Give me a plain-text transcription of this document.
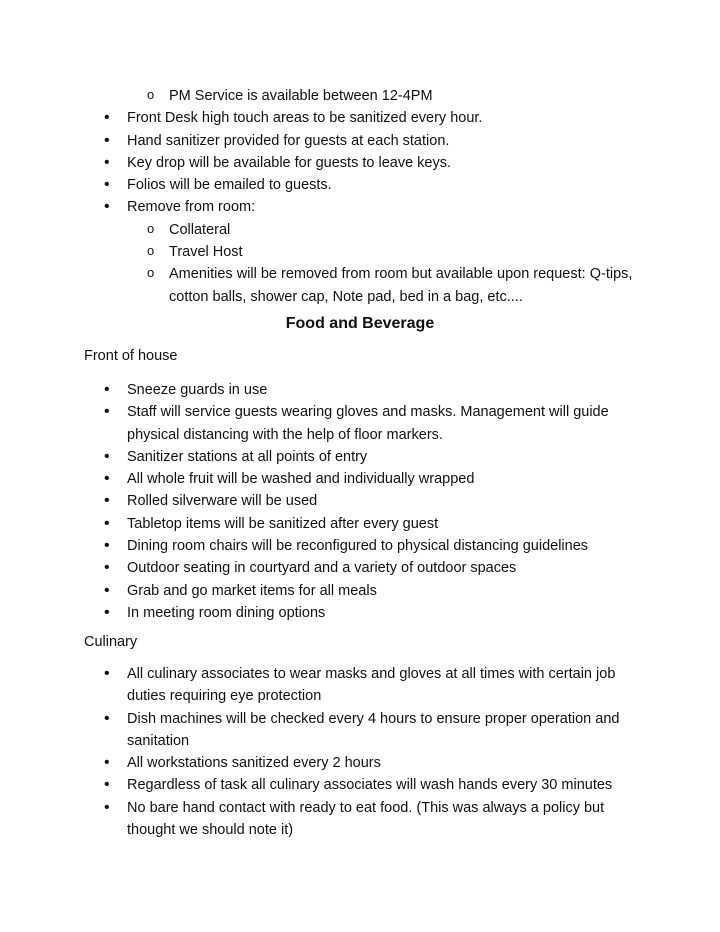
o PM Service is available between 12-4PM
• Front Desk high touch areas to be sanitized every hour.
• Hand sanitizer provided for guests at each station.
• Key drop will be available for guests to leave keys.
• Folios will be emailed to guests.
• Remove from room:
o Collateral
o Travel Host
o Amenities will be removed from room but available upon request: Q-tips, cotton balls, shower cap, Note pad, bed in a bag, etc....
Food and Beverage
Front of house
• Sneeze guards in use
• Staff will service guests wearing gloves and masks. Management will guide physical distancing with the help of floor markers.
• Sanitizer stations at all points of entry
• All whole fruit will be washed and individually wrapped
• Rolled silverware will be used
• Tabletop items will be sanitized after every guest
• Dining room chairs will be reconfigured to physical distancing guidelines
• Outdoor seating in courtyard and a variety of outdoor spaces
• Grab and go market items for all meals
• In meeting room dining options
Culinary
• All culinary associates to wear masks and gloves at all times with certain job duties requiring eye protection
• Dish machines will be checked every 4 hours to ensure proper operation and sanitation
• All workstations sanitized every 2 hours
• Regardless of task all culinary associates will wash hands every 30 minutes
• No bare hand contact with ready to eat food. (This was always a policy but thought we should note it)
